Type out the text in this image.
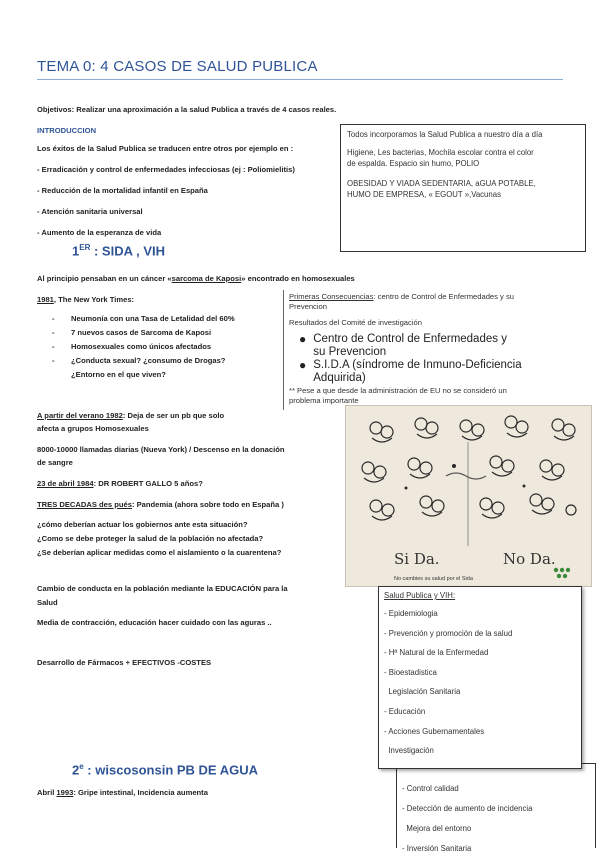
TEMA 0: 4 CASOS DE SALUD PUBLICA
Objetivos: Realizar una aproximación a la salud Publica a través de 4 casos reales.
INTRODUCCION
Los éxitos de la Salud Publica se traducen entre otros por ejemplo en :
- Erradicación y control de enfermedades infecciosas (ej : Poliomielitis)
- Reducción de la mortalidad infantil en España
- Atención sanitaria universal
- Aumento de la esperanza de vida
Todos incorporamos la Salud Publica a nuestro día a día
Higiene, Les bacterias, Mochila escolar contra el color
de espalda. Espacio sin humo, POLIO
OBESIDAD Y VIADA SEDENTARIA, aGUA POTABLE,
HUMO DE EMPRESA, « EGOUT »,Vacunas
1ER : SIDA , VIH
Al principio pensaban en un cáncer «sarcoma de Kaposi» encontrado en homosexuales
1981, The New York Times:
- Neumonía con una Tasa de Letalidad del 60%
- 7 nuevos casos de Sarcoma de Kaposi
- Homosexuales como únicos afectados
- ¿Conducta sexual? ¿consumo de Drogas?
¿Entorno en el que viven?
A partir del verano 1982: Deja de ser un pb que solo
afecta a grupos Homosexuales
8000-10000 llamadas diarias (Nueva York) / Descenso en la donación
de sangre
23 de abril 1984: DR ROBERT GALLO 5 años?
TRES DECADAS des pués: Pandemia (ahora sobre todo en España )
¿cómo deberían actuar los gobiernos ante esta situación?
¿Como se debe proteger la salud de la población no afectada?
¿Se deberían aplicar medidas como el aislamiento o la cuarentena?
Cambio de conducta en la población mediante la EDUCACIÓN para la
Salud
Media de contracción, educación hacer cuidado con las aguras ..
Desarrollo de Fármacos + EFECTIVOS -COSTES
Primeras Consecuencias: centro de Control de Enfermedades y su
Prevencion
Resultados del Comité de investigación
● Centro de Control de Enfermedades y
su Prevencion
● S.I.D.A (síndrome de Inmuno-Deficiencia
Adquirida)
** Pese a que desde la administración de EU no se consideró un
problema importante
Si Da.	No Da.
No cambies su salud por el Sida
- Control calidad
- Detección de aumento de incidencia
Mejora del entorno
- Inversión Sanitaria
Salud Publica y VIH:
- Epidemiologia
- Prevención y promoción de la salud
- Hª Natural de la Enfermedad
- Bioestadistica
Legislación Sanitaria
- Educación
- Acciones Gubernamentales
Investigación
2e : wiscosonsin PB DE AGUA
Abril 1993: Gripe intestinal, Incidencia aumenta
